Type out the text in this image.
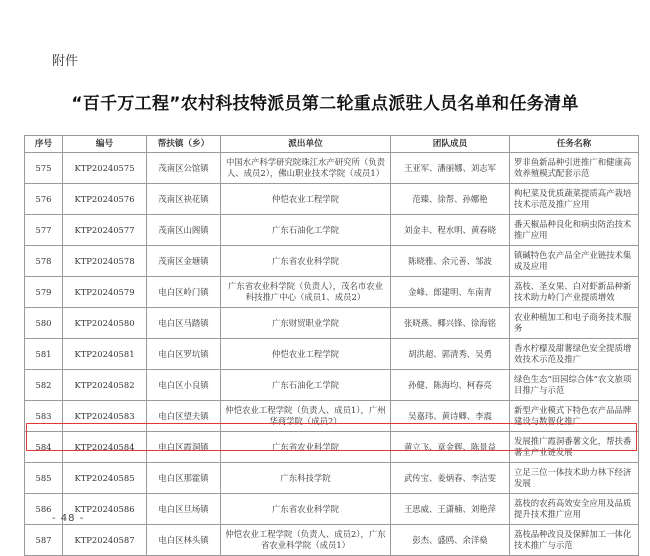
附件
“百千万工程”农村科技特派员第二轮重点派驻人员名单和任务清单
序号	编号	帮扶镇（乡）	派出单位	团队成员	任务名称
575	KTP20240575	茂南区公馆镇	中国水产科学研究院珠江水产研究所（负责人、成员2），佛山职业技术学院（成员1）	王亚军、潘丽娜、刘志军	罗非鱼新品种引进推广和健康高效养殖模式配套示范
576	KTP20240576	茂南区袂花镇	仲恺农业工程学院	范臻、徐帮、孙娜艳	枸杞菜及优质蔬菜提质高产栽培技术示范及推广应用
577	KTP20240577	茂南区山阁镇	广东石油化工学院	刘金丰、程水明、黄春晓	番天椒品种良化和病虫防治技术推广应用
578	KTP20240578	茂南区金塘镇	广东省农业科学院	陈晓雅、余元善、邹波	镇碱特色农产品全产业链技术集成及应用
579	KTP20240579	电白区岭门镇	广东省农业科学院（负责人），茂名市农业科技推广中心（成员1、成员2）	金峰、郎建明、车南青	荔枝、圣女果、白对虾新品种新技术助力岭门产业提质增效
580	KTP20240580	电白区马踏镇	广东财贸职业学院	张晓燕、椰兴锋、徐海铭	农业种植加工和电子商务技术服务
581	KTP20240581	电白区罗坑镇	仲恺农业工程学院	胡洪超、郭清秀、吴勇	香水柠檬及甜薯绿色安全提质增效技术示范及推广
582	KTP20240582	电白区小良镇	广东石油化工学院	孙健、陈海均、柯春亮	绿色生态“田园综合体”农文旅项目推广与示范
583	KTP20240583	电白区望夫镇	仲恺农业工程学院（负责人、成员1），广州华商学院（成员2）	吴嘉玮、黄诗卿、李震	新型产业模式下特色农产品品牌建设与数智化推广
584	KTP20240584	电白区霞洞镇	广东省农业科学院	黄立飞、章金辉、陈景益	发展推广霞洞番薯文化，帮扶番薯全产业链发展
585	KTP20240585	电白区那霍镇	广东科技学院	武传宝、姜炳春、李洁雯	立足三位一体技术助力林下经济发展
586	KTP20240586	电白区旦场镇	广东省农业科学院	王思威、王潇楠、刘艳萍	荔枝的农药高效安全应用及品质提升技术推广应用
587	KTP20240587	电白区林头镇	仲恺农业工程学院（负责人、成员2），广东省农业科学院（成员1）	彭杰、盛鸥、余洋燊	荔枝品种改良及保鲜加工一体化技术推广与示范
- 48 -
